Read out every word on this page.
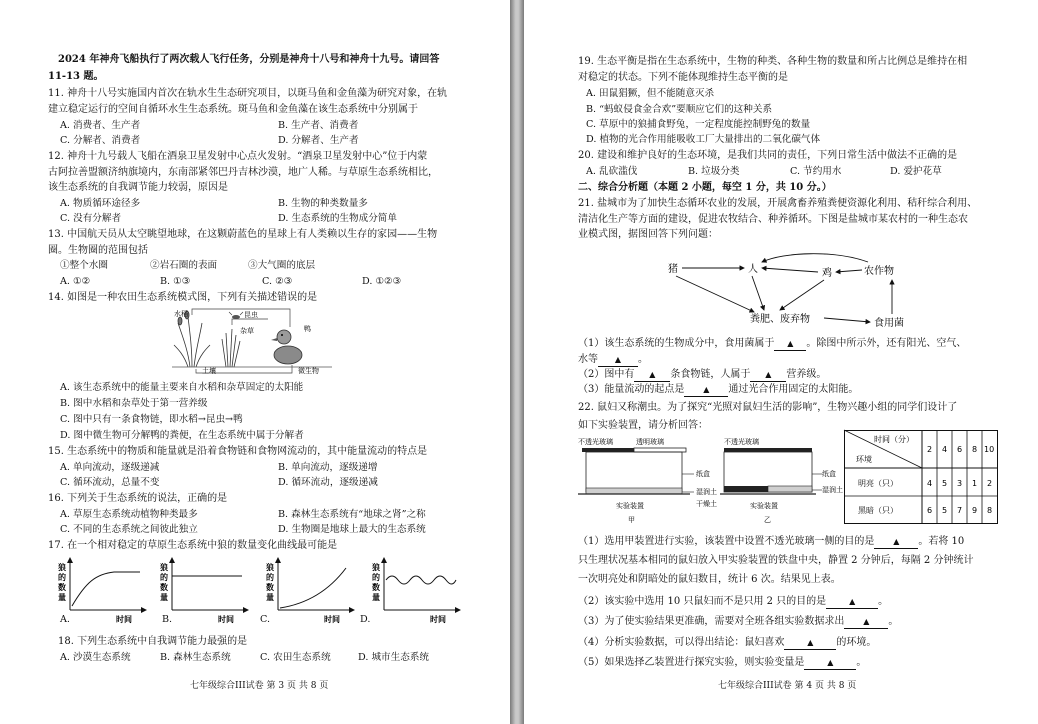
2024 年神舟飞船执行了两次载人飞行任务，分别是神舟十八号和神舟十九号。请回答
11-13 题。
11. 神舟十八号实施国内首次在轨水生生态研究项目，以斑马鱼和金鱼藻为研究对象，在轨
建立稳定运行的空间自循环水生生态系统。斑马鱼和金鱼藻在该生态系统中分别属于
A. 消费者、生产者	B. 生产者、消费者
C. 分解者、消费者	D. 分解者、生产者
12. 神舟十九号载人飞船在酒泉卫星发射中心点火发射。“酒泉卫星发射中心”位于内蒙
古阿拉善盟额济纳旗境内，东南部紧邻巴丹吉林沙漠，地广人稀。与草原生态系统相比，
该生态系统的自我调节能力较弱，原因是
A. 物质循环途径多	B. 生物的种类数量多
C. 没有分解者	D. 生态系统的生物成分简单
13. 中国航天员从太空眺望地球，在这颗蔚蓝色的星球上有人类赖以生存的家园——生物
圈。生物圈的范围包括
①整个水圈	②岩石圈的表面	③大气圈的底层
A. ①②	B. ①③	C. ②③	D. ①②③
14. 如图是一种农田生态系统模式图，下列有关描述错误的是
水稻	昆虫
杂草	鸭
土壤	微生物
A. 该生态系统中的能量主要来自水稻和杂草固定的太阳能
B. 图中水稻和杂草处于第一营养级
C. 图中只有一条食物链，即水稻→昆虫→鸭
D. 图中微生物可分解鸭的粪便，在生态系统中属于分解者
15. 生态系统中的物质和能量就是沿着食物链和食物网流动的，其中能量流动的特点是
A. 单向流动，逐级递减	B. 单向流动，逐级递增
C. 循环流动，总量不变	D. 循环流动，逐级递减
16. 下列关于生态系统的说法，正确的是
A. 草原生态系统动植物种类最多	B. 森林生态系统有“地球之肾”之称
C. 不同的生态系统之间彼此独立	D. 生物圈是地球上最大的生态系统
17. 在一个相对稳定的草原生态系统中狼的数量变化曲线最可能是
狼
的
数
量
时间
狼
的
数
量
时间
狼
的
数
量
时间
狼
的
数
量
时间
A.	B.	C.	D.
18. 下列生态系统中自我调节能力最强的是
A. 沙漠生态系统	B. 森林生态系统	C. 农田生态系统	D. 城市生态系统
七年级综合III试卷 第 3 页 共 8 页
19. 生态平衡是指在生态系统中，生物的种类、各种生物的数量和所占比例总是维持在相
对稳定的状态。下列不能体现维持生态平衡的是
A. 田鼠猖獗，但不能随意灭杀
B. “蚂蚁侵食金合欢”要顺应它们的这种关系
C. 草原中的狼捕食野兔，一定程度能控制野兔的数量
D. 植物的光合作用能吸收工厂大量排出的二氧化碳气体
20. 建设和维护良好的生态环境，是我们共同的责任，下列日常生活中做法不正确的是
A. 乱砍滥伐	B. 垃圾分类	C. 节约用水	D. 爱护花草
二、综合分析题（本题 2 小题，每空 1 分，共 10 分。）
21. 盐城市为了加快生态循环农业的发展，开展禽畜养殖粪便资源化利用、秸秆综合利用、
清洁化生产等方面的建设，促进农牧结合、种养循环。下图是盐城市某农村的一种生态农
业模式图，据图回答下列问题：
猪	人	鸡	农作物
粪肥、废弃物	食用菌
（1）该生态系统的生物成分中，食用菌属于 ▲ 。除图中所示外，还有阳光、空气、
水等 ▲ 。
（2）图中有 ▲ 条食物链，人属于 ▲ 营养级。
（3）能量流动的起点是 ▲ 通过光合作用固定的太阳能。
22. 鼠妇又称潮虫。为了探究“光照对鼠妇生活的影响”，生物兴趣小组的同学们设计了
如下实验装置，请分析回答：
不透光玻璃	透明玻璃
纸盒
湿润土
实验装置
甲
不透光玻璃
纸盒
湿润土
干燥土	实验装置
乙
时间（分）
环境
2 4 6 8 10
明亮（只）	4 5 3 1 2
黑暗（只）	6 5 7 9 8
（1）选用甲装置进行实验，该装置中设置不透光玻璃一侧的目的是 ▲ 。若将 10
只生理状况基本相同的鼠妇放入甲实验装置的铁盘中央，静置 2 分钟后，每隔 2 分钟统计
一次明亮处和阴暗处的鼠妇数目，统计 6 次。结果见上表。
（2）该实验中选用 10 只鼠妇而不是只用 2 只的目的是	▲ 。
（3）为了使实验结果更准确，需要对全班各组实验数据求出 ▲ 。
（4）分析实验数据，可以得出结论：鼠妇喜欢	▲ 的环境。
（5）如果选择乙装置进行探究实验，则实验变量是	▲ 。
七年级综合III试卷 第 4 页 共 8 页
